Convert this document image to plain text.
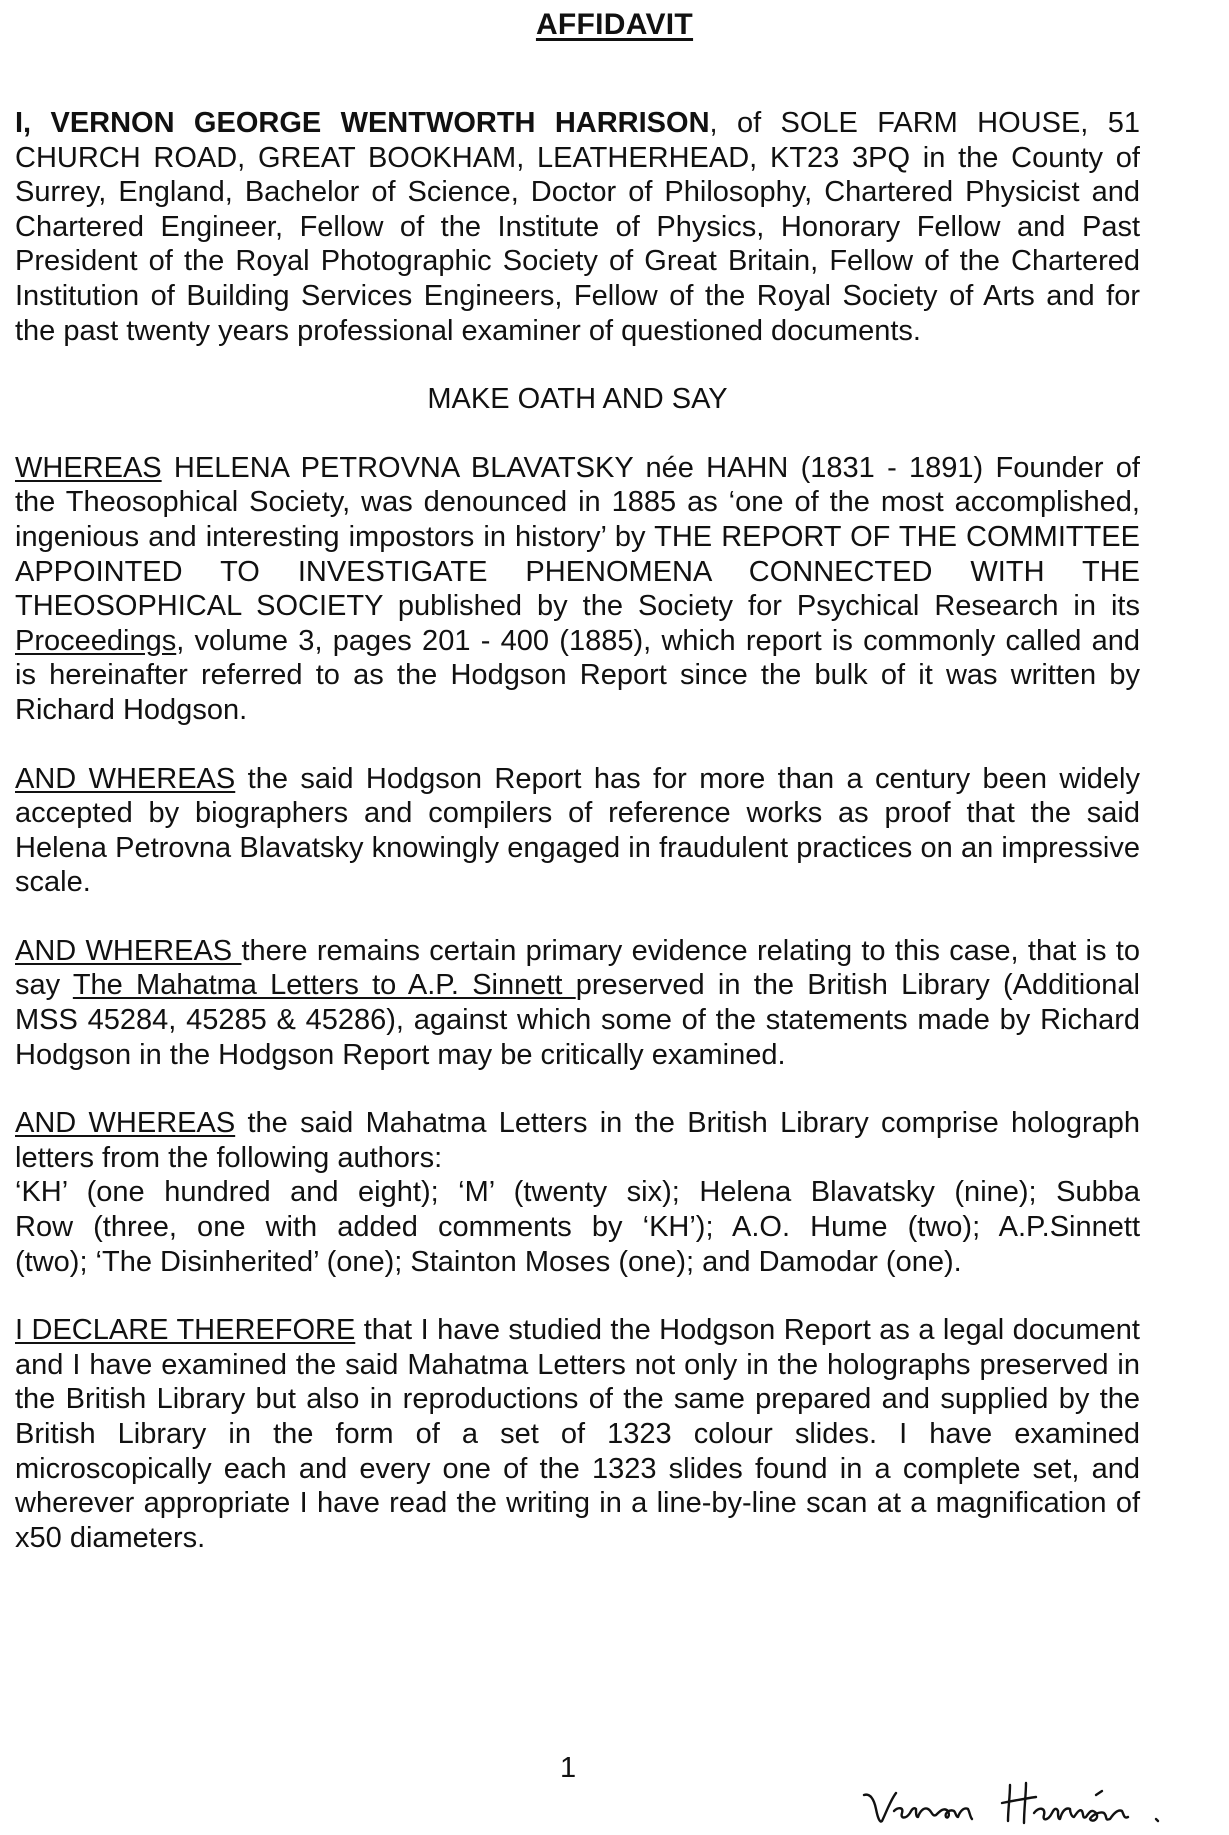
AFFIDAVIT

I, VERNON GEORGE WENTWORTH HARRISON, of SOLE FARM HOUSE, 51 CHURCH ROAD, GREAT BOOKHAM, LEATHERHEAD, KT23 3PQ in the County of Surrey, England, Bachelor of Science, Doctor of Philosophy, Chartered Physicist and Chartered Engineer, Fellow of the Institute of Physics, Honorary Fellow and Past President of the Royal Photographic Society of Great Britain, Fellow of the Chartered Institution of Building Services Engineers, Fellow of the Royal Society of Arts and for the past twenty years professional examiner of questioned documents.

MAKE OATH AND SAY

WHEREAS HELENA PETROVNA BLAVATSKY née HAHN (1831 - 1891) Founder of the Theosophical Society, was denounced in 1885 as ‘one of the most accomplished, ingenious and interesting impostors in history’ by THE REPORT OF THE COMMITTEE APPOINTED TO INVESTIGATE PHENOMENA CONNECTED WITH THE THEOSOPHICAL SOCIETY published by the Society for Psychical Research in its Proceedings, volume 3, pages 201 - 400 (1885), which report is commonly called and is hereinafter referred to as the Hodgson Report since the bulk of it was written by Richard Hodgson.

AND WHEREAS the said Hodgson Report has for more than a century been widely accepted by biographers and compilers of reference works as proof that the said Helena Petrovna Blavatsky knowingly engaged in fraudulent practices on an impressive scale.

AND WHEREAS there remains certain primary evidence relating to this case, that is to say The Mahatma Letters to A.P. Sinnett preserved in the British Library (Additional MSS 45284, 45285 & 45286), against which some of the statements made by Richard Hodgson in the Hodgson Report may be critically examined.

AND WHEREAS the said Mahatma Letters in the British Library comprise holograph letters from the following authors:
‘KH’ (one hundred and eight); ‘M’ (twenty six); Helena Blavatsky (nine); Subba
Row (three, one with added comments by ‘KH’); A.O. Hume (two); A.P.Sinnett
(two); ‘The Disinherited’ (one); Stainton Moses (one); and Damodar (one).

I DECLARE THEREFORE that I have studied the Hodgson Report as a legal document and I have examined the said Mahatma Letters not only in the holographs preserved in the British Library but also in reproductions of the same prepared and supplied by the British Library in the form of a set of 1323 colour slides. I have examined microscopically each and every one of the 1323 slides found in a complete set, and wherever appropriate I have read the writing in a line-by-line scan at a magnification of x50 diameters.

1
